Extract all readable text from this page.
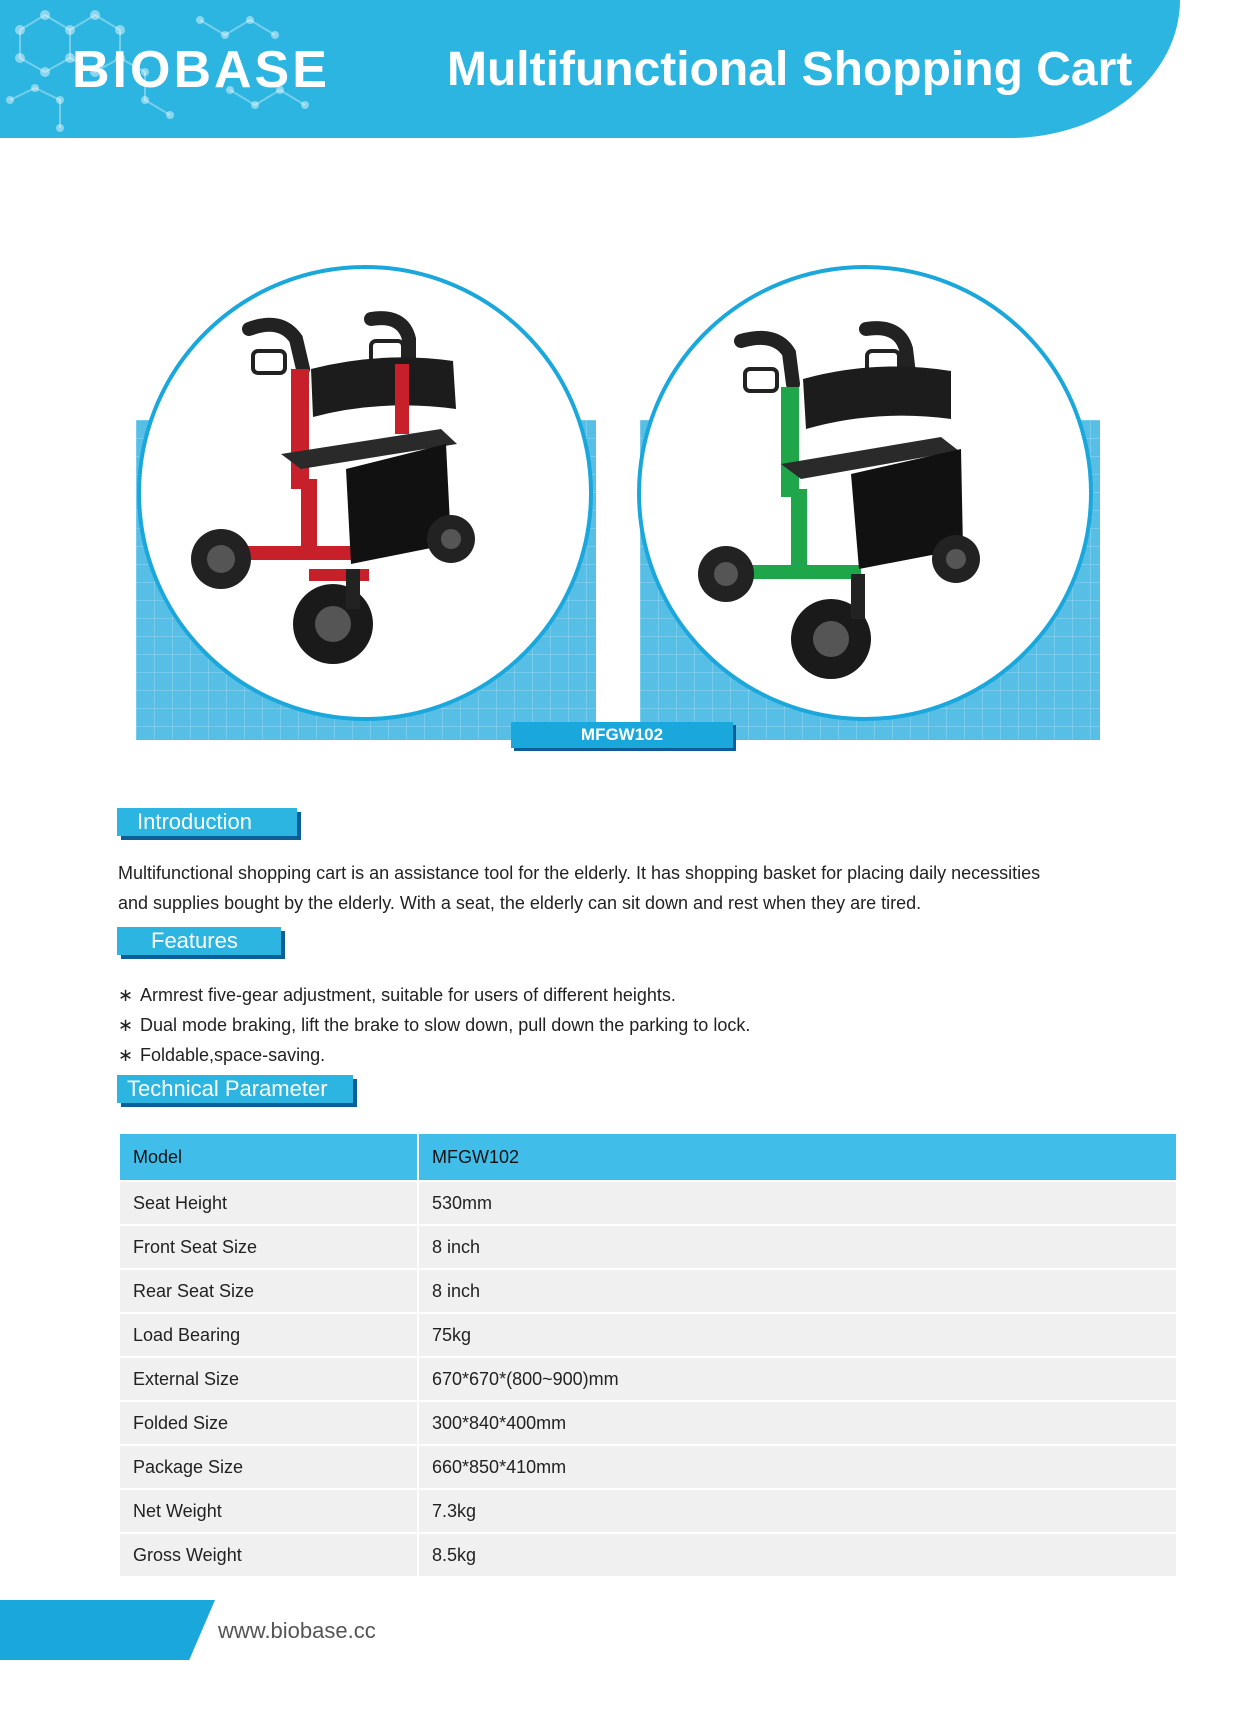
BIOBASE Multifunctional Shopping Cart
MFGW102
Introduction
Multifunctional shopping cart is an assistance tool for the elderly. It has shopping basket for placing daily necessities
and supplies bought by the elderly. With a seat, the elderly can sit down and rest when they are tired.
Features
∗ Armrest five-gear adjustment, suitable for users of different heights.
∗ Dual mode braking, lift the brake to slow down, pull down the parking to lock.
∗ Foldable,space-saving.
Technical Parameter
Model	MFGW102
Seat Height	530mm
Front Seat Size	8 inch
Rear Seat Size	8 inch
Load Bearing	75kg
External Size	670*670*(800~900)mm
Folded Size	300*840*400mm
Package Size	660*850*410mm
Net Weight	7.3kg
Gross Weight	8.5kg
www.biobase.cc
